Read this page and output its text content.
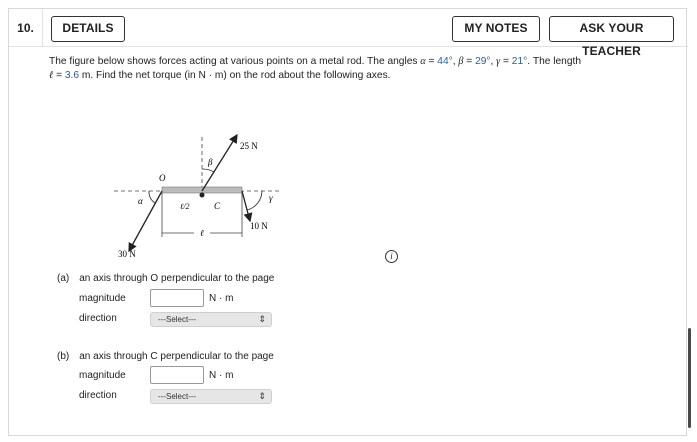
10.	DETAILS	MY NOTES	ASK YOUR TEACHER
The figure below shows forces acting at various points on a metal rod. The angles α = 44°, β = 29°, γ = 21°. The length
ℓ = 3.6 m. Find the net torque (in N · m) on the rod about the following axes.
25 N
10 N
30 N
O
C
α
β
γ
ℓ/2
ℓ
i
(a) an axis through O perpendicular to the page
magnitude	N · m
direction	---Select---	⇕
(b) an axis through C perpendicular to the page
magnitude	N · m
direction	---Select---	⇕
